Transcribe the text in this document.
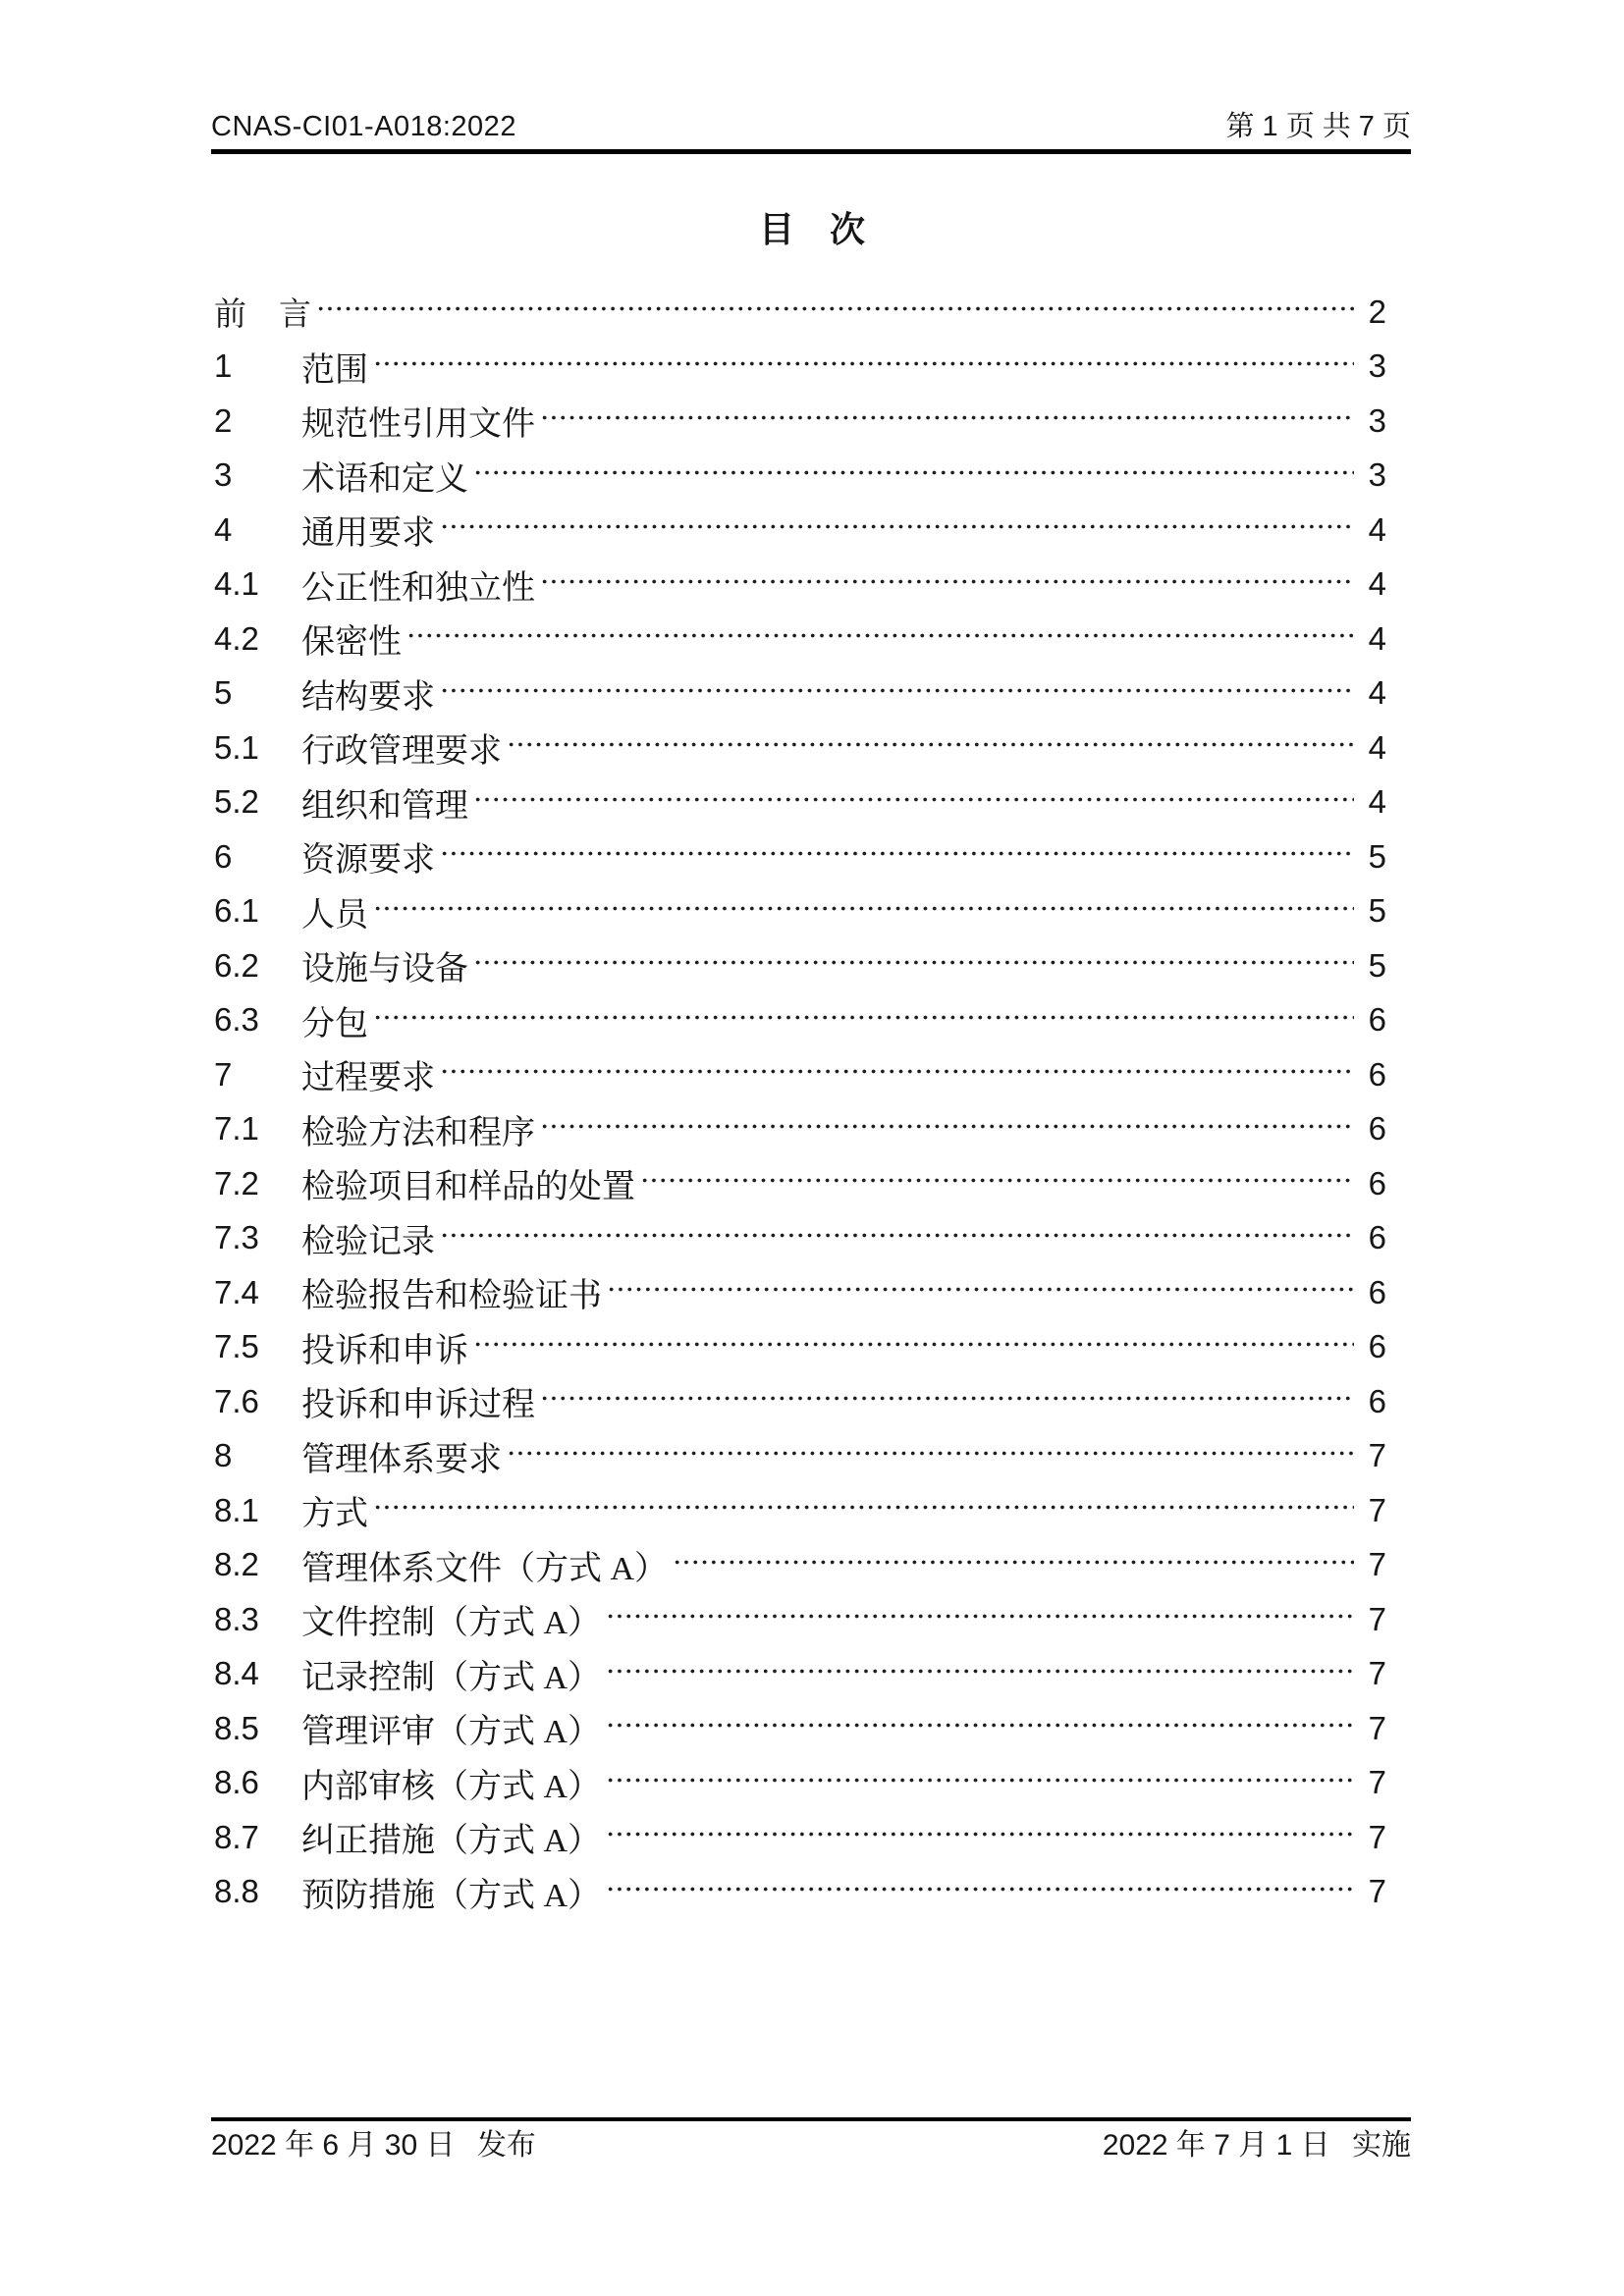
CNAS-CI01-A018:2022	第 1 页 共 7 页
目　次
前　言	2
1	范围	3
2	规范性引用文件	3
3	术语和定义	3
4	通用要求	4
4.1	公正性和独立性	4
4.2	保密性	4
5	结构要求	4
5.1	行政管理要求	4
5.2	组织和管理	4
6	资源要求	5
6.1	人员	5
6.2	设施与设备	5
6.3	分包	6
7	过程要求	6
7.1	检验方法和程序	6
7.2	检验项目和样品的处置	6
7.3	检验记录	6
7.4	检验报告和检验证书	6
7.5	投诉和申诉	6
7.6	投诉和申诉过程	6
8	管理体系要求	7
8.1	方式	7
8.2	管理体系文件（方式 A）	7
8.3	文件控制（方式 A）	7
8.4	记录控制（方式 A）	7
8.5	管理评审（方式 A）	7
8.6	内部审核（方式 A）	7
8.7	纠正措施（方式 A）	7
8.8	预防措施（方式 A）	7
2022 年 6 月 30 日 发布	2022 年 7 月 1 日 实施
